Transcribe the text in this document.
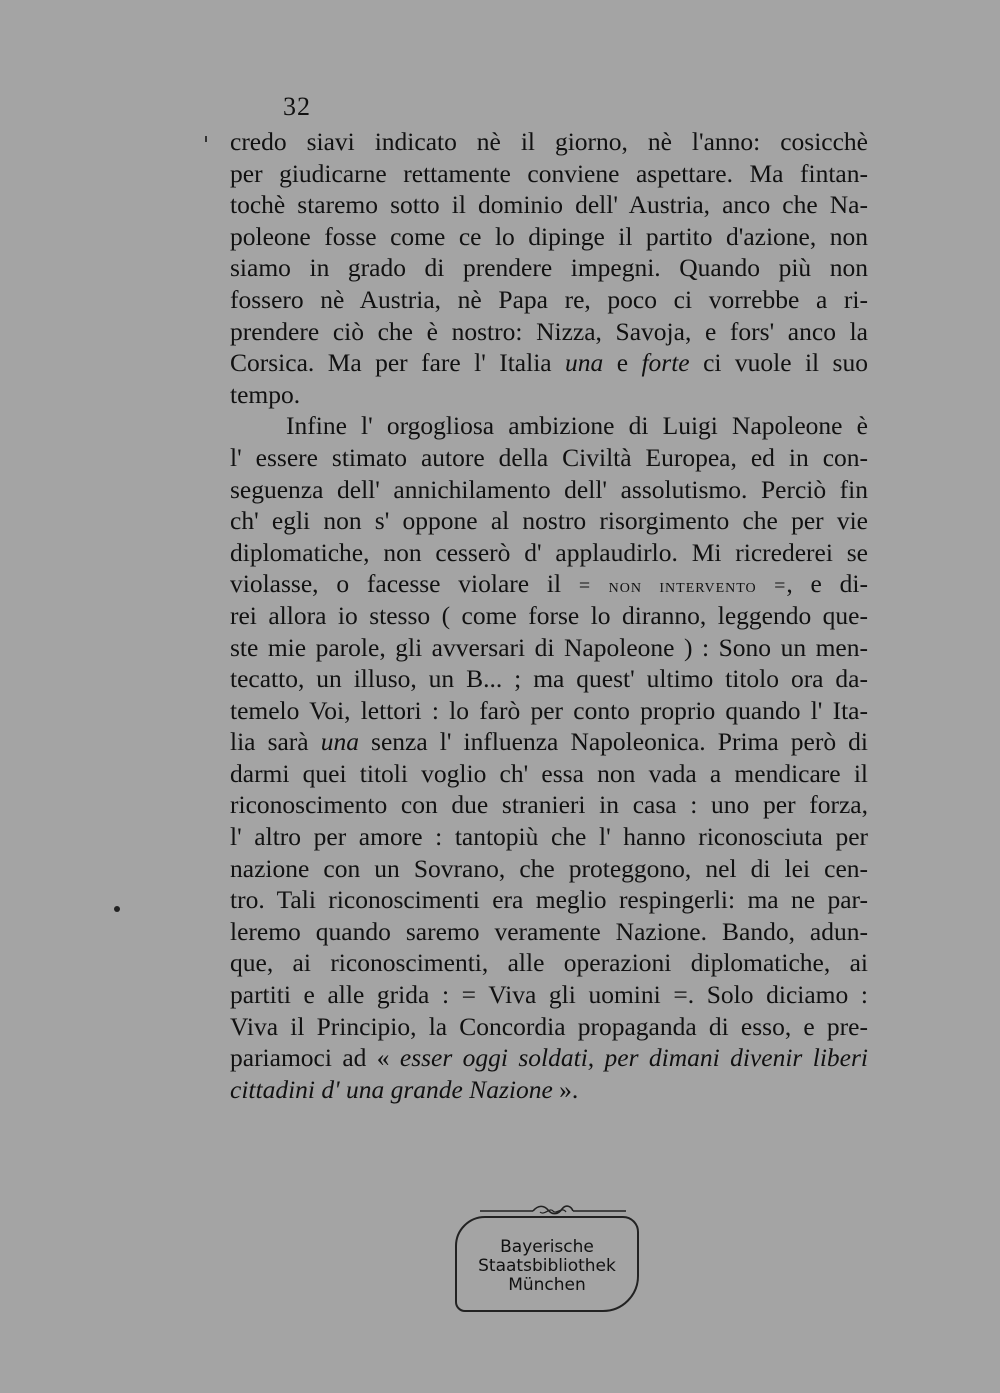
32
credo siavi indicato nè il giorno, nè l'anno: cosicchè
per giudicarne rettamente conviene aspettare. Ma fintan-
tochè staremo sotto il dominio dell' Austria, anco che Na-
poleone fosse come ce lo dipinge il partito d'azione, non
siamo in grado di prendere impegni. Quando più non
fossero nè Austria, nè Papa re, poco ci vorrebbe a ri-
prendere ciò che è nostro: Nizza, Savoja, e fors' anco la
Corsica. Ma per fare l' Italia una e forte ci vuole il suo
tempo.
Infine l' orgogliosa ambizione di Luigi Napoleone è
l' essere stimato autore della Civiltà Europea, ed in con-
seguenza dell' annichilamento dell' assolutismo. Perciò fin
ch' egli non s' oppone al nostro risorgimento che per vie
diplomatiche, non cesserò d' applaudirlo. Mi ricrederei se
violasse, o facesse violare il = non intervento =, e di-
rei allora io stesso ( come forse lo diranno, leggendo que-
ste mie parole, gli avversari di Napoleone ) : Sono un men-
tecatto, un illuso, un B... ; ma quest' ultimo titolo ora da-
temelo Voi, lettori : lo farò per conto proprio quando l' Ita-
lia sarà una senza l' influenza Napoleonica. Prima però di
darmi quei titoli voglio ch' essa non vada a mendicare il
riconoscimento con due stranieri in casa : uno per forza,
l' altro per amore : tantopiù che l' hanno riconosciuta per
nazione con un Sovrano, che proteggono, nel di lei cen-
tro. Tali riconoscimenti era meglio respingerli: ma ne par-
leremo quando saremo veramente Nazione. Bando, adun-
que, ai riconoscimenti, alle operazioni diplomatiche, ai
partiti e alle grida : = Viva gli uomini =. Solo diciamo :
Viva il Principio, la Concordia propaganda di esso, e pre-
pariamoci ad « esser oggi soldati, per dimani divenir liberi
cittadini d' una grande Nazione ».
Bayerische
Staatsbibliothek
München
